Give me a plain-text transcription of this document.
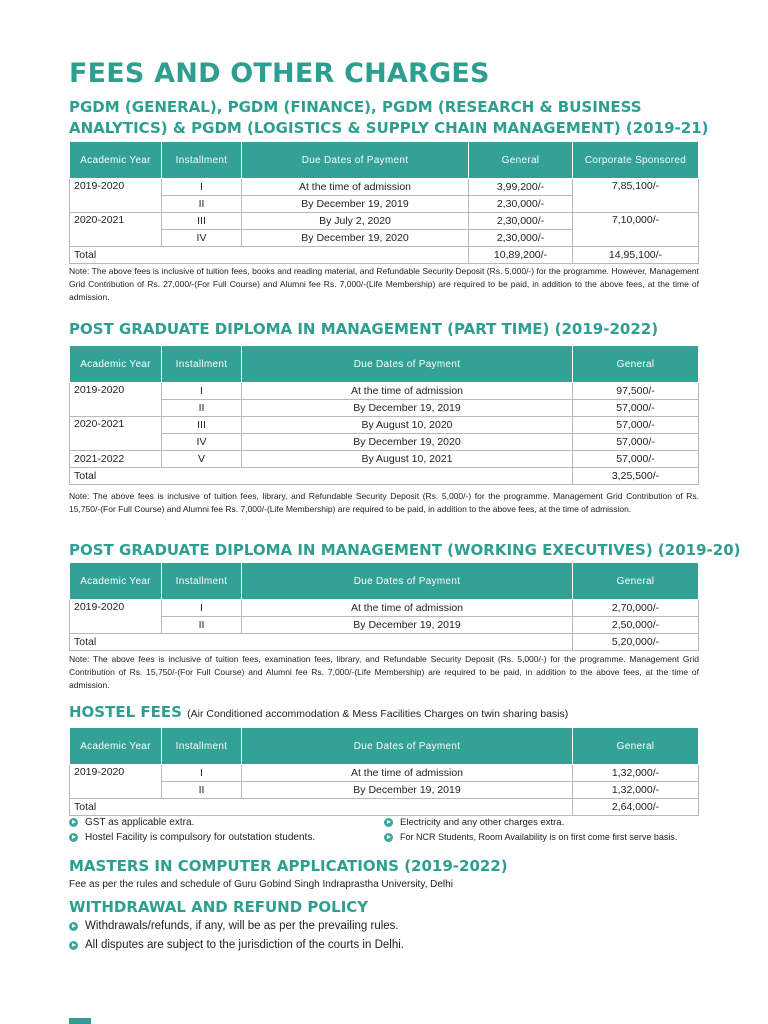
FEES AND OTHER CHARGES
PGDM (GENERAL), PGDM (FINANCE), PGDM (RESEARCH & BUSINESS
ANALYTICS) & PGDM (LOGISTICS & SUPPLY CHAIN MANAGEMENT) (2019-21)
Academic Year	Installment	Due Dates of Payment	General	Corporate Sponsored
2019-2020	I	At the time of admission	3,99,200/-	7,85,100/-
	II	By December 19, 2019	2,30,000/-	
2020-2021	III	By July 2, 2020	2,30,000/-	7,10,000/-
	IV	By December 19, 2020	2,30,000/-	
Total			10,89,200/-	14,95,100/-

Note: The above fees is inclusive of tuition fees, books and reading material, and Refundable Security Deposit (Rs. 5,000/-) for the programme. However, Management Grid Contribution of Rs. 27,000/-(For Full Course) and Alumni fee Rs. 7,000/-(Life Membership) are required to be paid, in addition to the above fees, at the time of admission.

POST GRADUATE DIPLOMA IN MANAGEMENT (PART TIME) (2019-2022)
Academic Year	Installment	Due Dates of Payment	General
2019-2020	I	At the time of admission	97,500/-
	II	By December 19, 2019	57,000/-
2020-2021	III	By August 10, 2020	57,000/-
	IV	By December 19, 2020	57,000/-
2021-2022	V	By August 10, 2021	57,000/-
Total			3,25,500/-

Note: The above fees is inclusive of tuition fees, library, and Refundable Security Deposit (Rs. 5,000/-) for the programme. Management Grid Contribution of Rs. 15,750/-(For Full Course) and Alumni fee Rs. 7,000/-(Life Membership) are required to be paid, in addition to the above fees, at the time of admission.

POST GRADUATE DIPLOMA IN MANAGEMENT (WORKING EXECUTIVES) (2019-20)
Academic Year	Installment	Due Dates of Payment	General
2019-2020	I	At the time of admission	2,70,000/-
	II	By December 19, 2019	2,50,000/-
Total			5,20,000/-

Note: The above fees is inclusive of tuition fees, examination fees, library, and Refundable Security Deposit (Rs. 5,000/-) for the programme. Management Grid Contribution of Rs. 15,750/-(For Full Course) and Alumni fee Rs. 7,000/-(Life Membership) are required to be paid, in addition to the above fees, at the time of admission.

HOSTEL FEES (Air Conditioned accommodation & Mess Facilities Charges on twin sharing basis)
Academic Year	Installment	Due Dates of Payment	General
2019-2020	I	At the time of admission	1,32,000/-
	II	By December 19, 2019	1,32,000/-
Total			2,64,000/-
GST as applicable extra.
Hostel Facility is compulsory for outstation students.
Electricity and any other charges extra.
For NCR Students, Room Availability is on first come first serve basis.
MASTERS IN COMPUTER APPLICATIONS (2019-2022)

Fee as per the rules and schedule of Guru Gobind Singh Indraprastha University, Delhi

WITHDRAWAL AND REFUND POLICY
Withdrawals/refunds, if any, will be as per the prevailing rules.
All disputes are subject to the jurisdiction of the courts in Delhi.
